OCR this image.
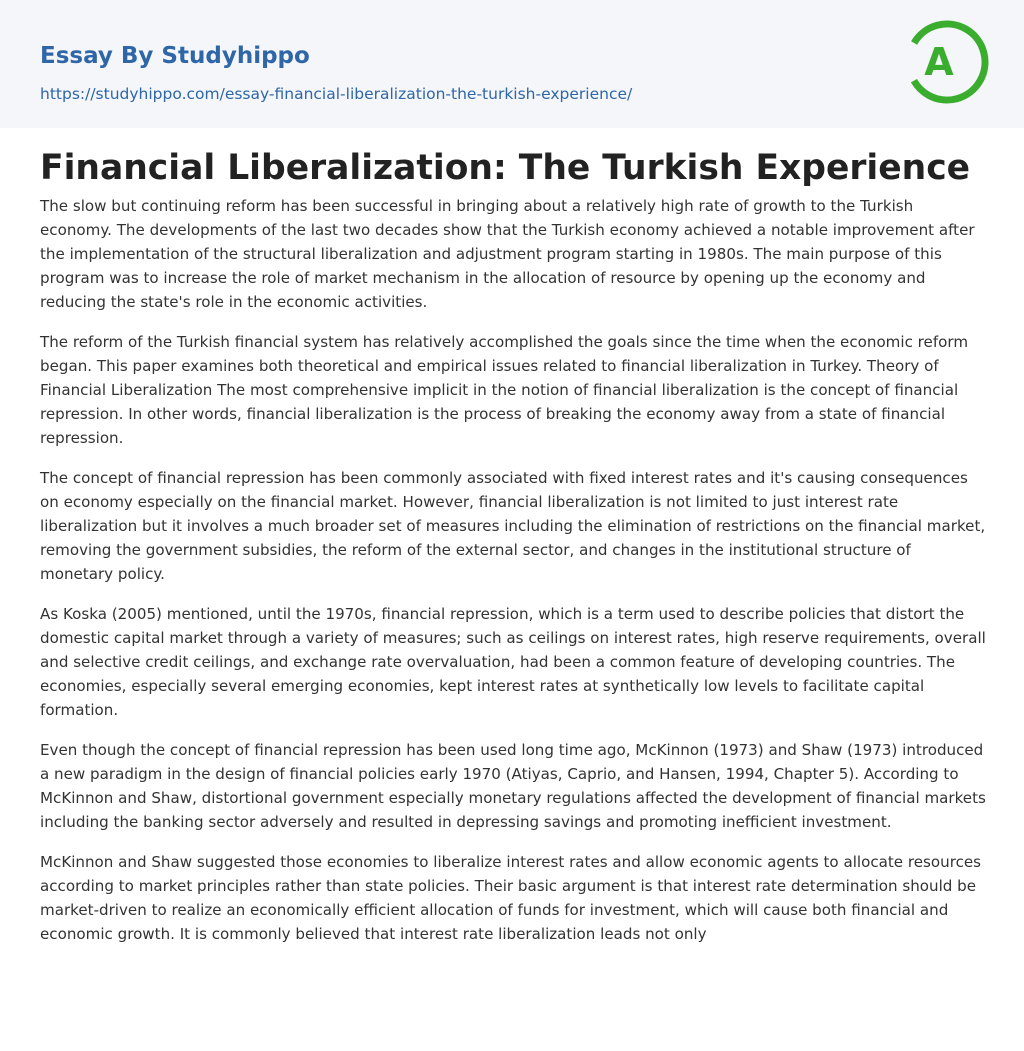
Essay By Studyhippo
https://studyhippo.com/essay-financial-liberalization-the-turkish-experience/
A
Financial Liberalization: The Turkish Experience

The slow but continuing reform has been successful in bringing about a relatively high rate of growth to the Turkish economy. The developments of the last two decades show that the Turkish economy achieved a notable improvement after the implementation of the structural liberalization and adjustment program starting in 1980s. The main purpose of this program was to increase the role of market mechanism in the allocation of resource by opening up the economy and reducing the state's role in the economic activities.

The reform of the Turkish financial system has relatively accomplished the goals since the time when the economic reform began. This paper examines both theoretical and empirical issues related to financial liberalization in Turkey. Theory of Financial Liberalization The most comprehensive implicit in the notion of financial liberalization is the concept of financial repression. In other words, financial liberalization is the process of breaking the economy away from a state of financial repression.

The concept of financial repression has been commonly associated with fixed interest rates and it's causing consequences on economy especially on the financial market. However, financial liberalization is not limited to just interest rate liberalization but it involves a much broader set of measures including the elimination of restrictions on the financial market, removing the government subsidies, the reform of the external sector, and changes in the institutional structure of monetary policy.

As Koska (2005) mentioned, until the 1970s, financial repression, which is a term used to describe policies that distort the domestic capital market through a variety of measures; such as ceilings on interest rates, high reserve requirements, overall and selective credit ceilings, and exchange rate overvaluation, had been a common feature of developing countries. The economies, especially several emerging economies, kept interest rates at synthetically low levels to facilitate capital formation.

Even though the concept of financial repression has been used long time ago, McKinnon (1973) and Shaw (1973) introduced a new paradigm in the design of financial policies early 1970 (Atiyas, Caprio, and Hansen, 1994, Chapter 5). According to McKinnon and Shaw, distortional government especially monetary regulations affected the development of financial markets including the banking sector adversely and resulted in depressing savings and promoting inefficient investment.

McKinnon and Shaw suggested those economies to liberalize interest rates and allow economic agents to allocate resources according to market principles rather than state policies. Their basic argument is that interest rate determination should be market-driven to realize an economically efficient allocation of funds for investment, which will cause both financial and economic growth. It is commonly believed that interest rate liberalization leads not only
